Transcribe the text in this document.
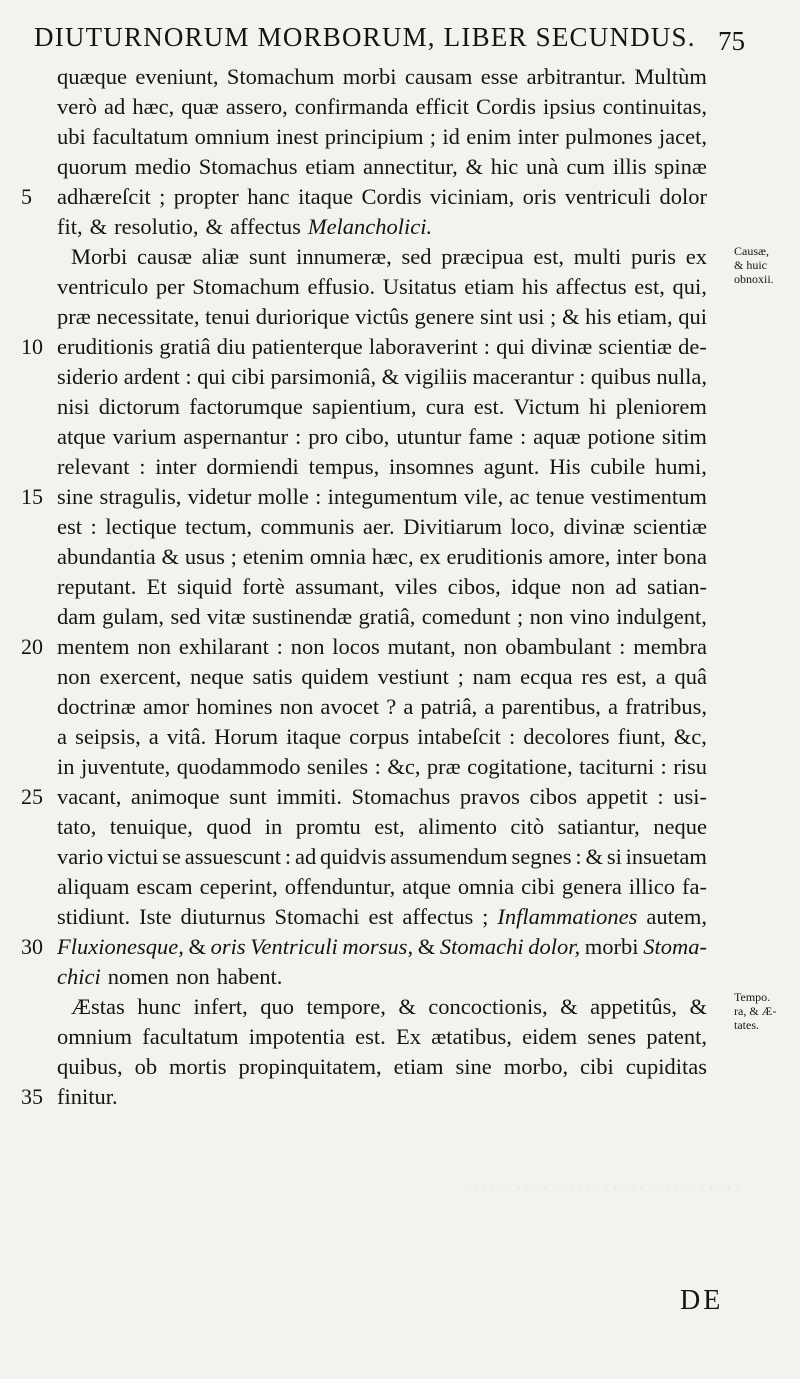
DIUTURNORUM MORBORUM, LIBER SECUNDUS. 75
· · · · · · · · · · · · · · · · · · · · · · · · · · · · · · · ·
quæque eveniunt, Stomachum morbi causam esse arbitrantur. Multùm
verò ad hæc, quæ assero, confirmanda efficit Cordis ipsius continuitas,
ubi facultatum omnium inest principium ; id enim inter pulmones jacet,
quorum medio Stomachus etiam annectitur, & hic unà cum illis spinæ
adhæreſcit ; propter hanc itaque Cordis viciniam, oris ventriculi dolor
fit, & resolutio, & affectus Melancholici.
Morbi causæ aliæ sunt innumeræ, sed præcipua est, multi puris ex
ventriculo per Stomachum effusio. Usitatus etiam his affectus est, qui,
præ necessitate, tenui duriorique victûs genere sint usi ; & his etiam, qui
eruditionis gratiâ diu patienterque laboraverint : qui divinæ scientiæ de-
siderio ardent : qui cibi parsimoniâ, & vigiliis macerantur : quibus nulla,
nisi dictorum factorumque sapientium, cura est. Victum hi pleniorem
atque varium aspernantur : pro cibo, utuntur fame : aquæ potione sitim
relevant : inter dormiendi tempus, insomnes agunt. His cubile humi,
sine stragulis, videtur molle : integumentum vile, ac tenue vestimentum
est : lectique tectum, communis aer. Divitiarum loco, divinæ scientiæ
abundantia & usus ; etenim omnia hæc, ex eruditionis amore, inter bona
reputant. Et siquid fortè assumant, viles cibos, idque non ad satian-
dam gulam, sed vitæ sustinendæ gratiâ, comedunt ; non vino indulgent,
mentem non exhilarant : non locos mutant, non obambulant : membra
non exercent, neque satis quidem vestiunt ; nam ecqua res est, a quâ
doctrinæ amor homines non avocet ? a patriâ, a parentibus, a fratribus,
a seipsis, a vitâ. Horum itaque corpus intabeſcit : decolores fiunt, &c,
in juventute, quodammodo seniles : &c, præ cogitatione, taciturni : risu
vacant, animoque sunt immiti. Stomachus pravos cibos appetit : usi-
tato, tenuique, quod in promtu est, alimento citò satiantur, neque
vario victui se assuescunt : ad quidvis assumendum segnes : & si insuetam
aliquam escam ceperint, offenduntur, atque omnia cibi genera illico fa-
stidiunt. Iste diuturnus Stomachi est affectus ; Inflammationes autem,
Fluxionesque, & oris Ventriculi morsus, & Stomachi dolor, morbi Stoma-
chici nomen non habent.
Æstas hunc infert, quo tempore, & concoctionis, & appetitûs, &
omnium facultatum impotentia est. Ex ætatibus, eidem senes patent,
quibus, ob mortis propinquitatem, etiam sine morbo, cibi cupiditas
finitur.
5
10
15
20
25
30
35
Causæ,
& huic
obnoxii.
Tempo.
ra, & Æ-
tates.
DE
